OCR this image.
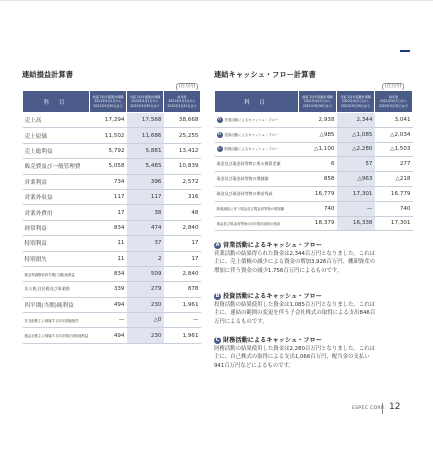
連結損益計算書
(百万円)
科 目	前第 2四半期累計期間
2021年4月1日から
2021年9月30日まで	当第 2四半期累計期間
2022年4月1日から
2022年9月30日まで	前年度
2021年4月1日から
2022年3月31日まで
売上高	17,294	17,568	38,668
売上原価	11,502	11,686	25,255
売上総利益	5,792	5,881	13,412
販売費及び一般管理費	5,058	5,485	10,839
営業利益	734	396	2,572
営業外収益	117	117	316
営業外費用	17	38	48
経常利益	834	474	2,840
特別利益	11	37	17
特別損失	11	2	17
税金等調整前四半期(当期)純利益	834	509	2,840
法人税,住民税及び事業税	339	279	878
四半期(当期)純利益	494	230	1,961
非支配株主に帰属する四半期純損失	—	△0	—
親会社株主に帰属する四半期(当期)純利益	494	230	1,961
連結キャッシュ・フロー計算書
(百万円)
科 目	前第 2四半期累計期間
2021年4月1日から
2021年9月30日まで	当第 2四半期累計期間
2022年4月1日から
2022年9月30日まで	前年度
2021年4月1日から
2022年3月31日まで
A 営業活動によるキャッシュ・フロー	2,938	2,344	3,041
B 投資活動によるキャッシュ・フロー	△985	△1,085	△2,034
C 財務活動によるキャッシュ・フロー	△1,100	△2,280	△1,503
現金及び現金同等物に係る換算差額	6	57	277
現金及び現金同等物の増減額	858	△963	△218
現金及び現金同等物の期首残高	16,779	17,301	16,779
新規連結に伴う現金及び現金同等物の増加額	740	—	740
現金及び現金同等物の四半期末(期末)残高	18,379	16,338	17,301
A 営業活動によるキャッシュ・フロー
営業活動の結果得られた資金は2,344百万円となりました。これは
主に、売上債権の減少による資金の増加3,926百万円、棚卸資産の
増加に伴う資金の減少1,756百万円によるものです。
B 投資活動によるキャッシュ・フロー
投資活動の結果使用した資金は1,085百万円となりました。これは
主に、連結の範囲の変更を伴う子会社株式の取得による支出846百
万円によるものです。
C 財務活動によるキャッシュ・フロー
財務活動の結果使用した資金は2,280百万円となりました。これは
主に、自己株式の取得による支出1,066百万円、配当金の支払い
941百万円などによるものです。
ESPEC CORP. 12
